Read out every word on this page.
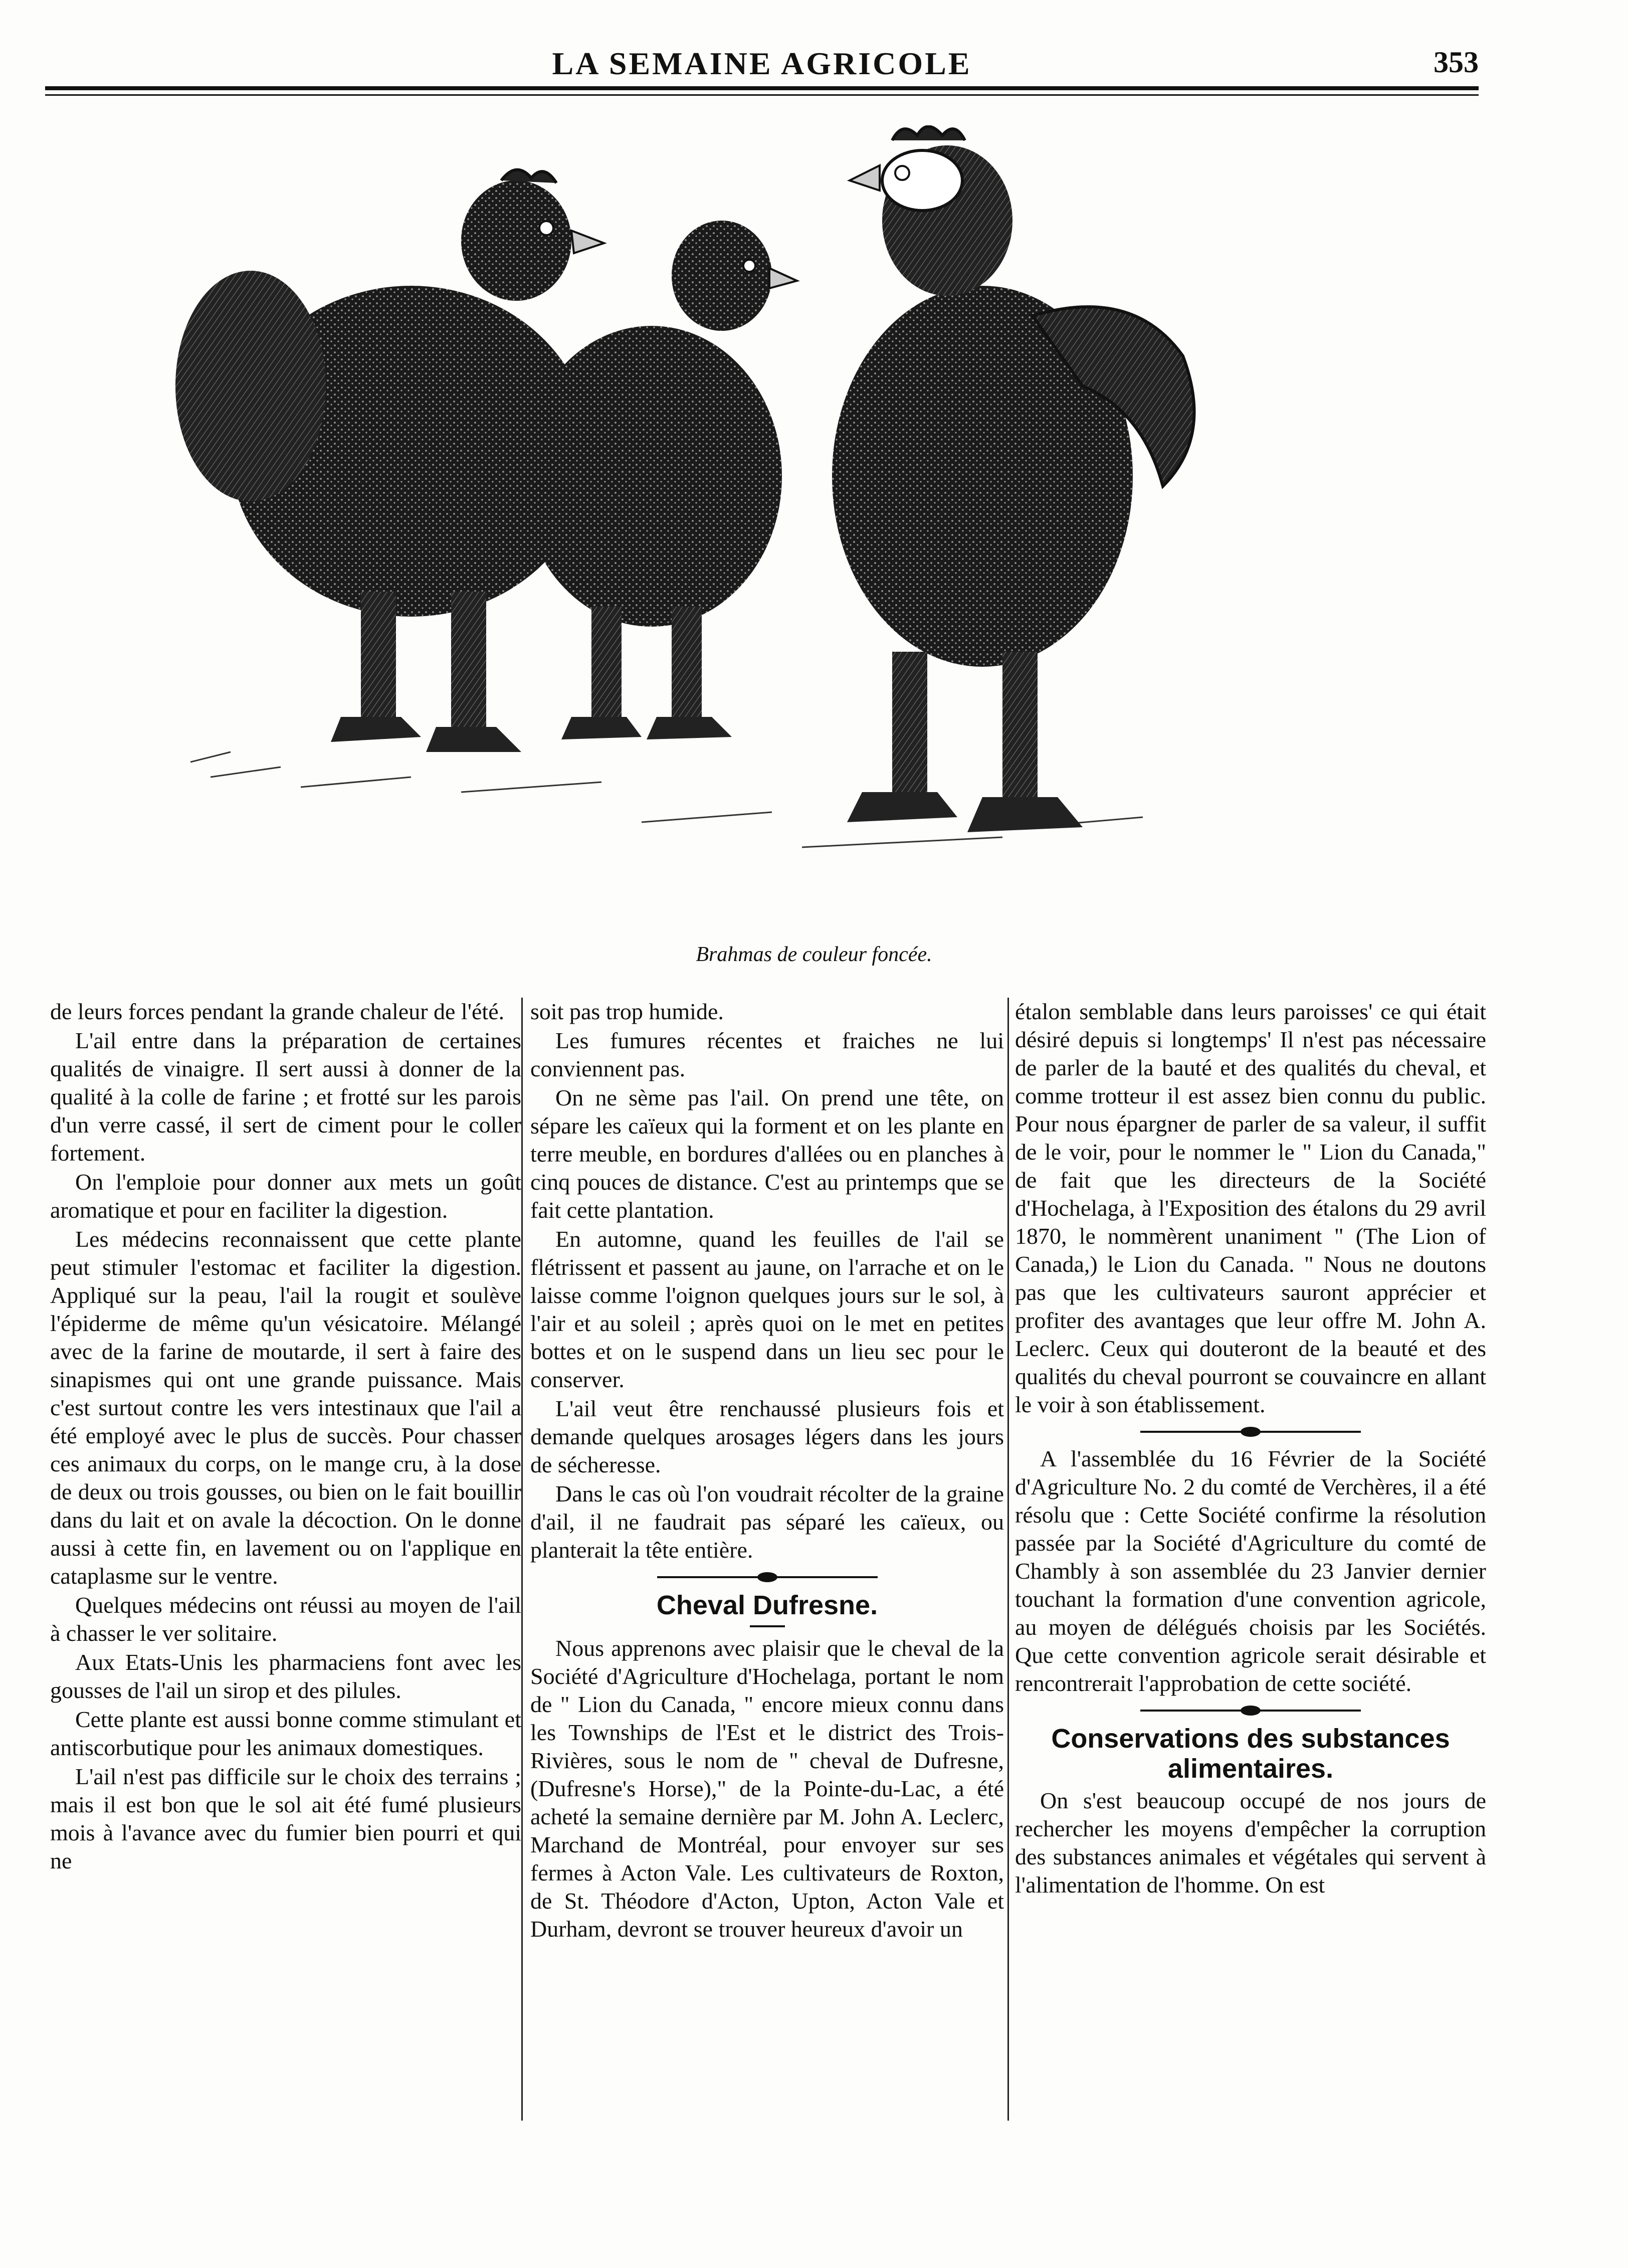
LA SEMAINE AGRICOLE	353
Brahmas de couleur foncée.

de leurs forces pendant la grande chaleur de l'été.

L'ail entre dans la préparation de certaines qualités de vinaigre. Il sert aussi à donner de la qualité à la colle de farine ; et frotté sur les parois d'un verre cassé, il sert de ciment pour le coller fortement.

On l'emploie pour donner aux mets un goût aromatique et pour en faciliter la digestion.

Les médecins reconnaissent que cette plante peut stimuler l'estomac et faciliter la digestion. Appliqué sur la peau, l'ail la rougit et soulève l'épiderme de même qu'un vésicatoire. Mélangé avec de la farine de moutarde, il sert à faire des sinapismes qui ont une grande puissance. Mais c'est surtout contre les vers intestinaux que l'ail a été employé avec le plus de succès. Pour chasser ces animaux du corps, on le mange cru, à la dose de deux ou trois gousses, ou bien on le fait bouillir dans du lait et on avale la décoction. On le donne aussi à cette fin, en lavement ou on l'applique en cataplasme sur le ventre.

Quelques médecins ont réussi au moyen de l'ail à chasser le ver solitaire.

Aux Etats-Unis les pharmaciens font avec les gousses de l'ail un sirop et des pilules.

Cette plante est aussi bonne comme stimulant et antiscorbutique pour les animaux domestiques.

L'ail n'est pas difficile sur le choix des terrains ; mais il est bon que le sol ait été fumé plusieurs mois à l'avance avec du fumier bien pourri et qui ne

soit pas trop humide.

Les fumures récentes et fraiches ne lui conviennent pas.

On ne sème pas l'ail. On prend une tête, on sépare les caïeux qui la forment et on les plante en terre meuble, en bordures d'allées ou en planches à cinq pouces de distance. C'est au printemps que se fait cette plantation.

En automne, quand les feuilles de l'ail se flétrissent et passent au jaune, on l'arrache et on le laisse comme l'oignon quelques jours sur le sol, à l'air et au soleil ; après quoi on le met en petites bottes et on le suspend dans un lieu sec pour le conserver.

L'ail veut être renchaussé plusieurs fois et demande quelques arosages légers dans les jours de sécheresse.

Dans le cas où l'on voudrait récolter de la graine d'ail, il ne faudrait pas séparé les caïeux, ou planterait la tête entière.

Cheval Dufresne.

Nous apprenons avec plaisir que le cheval de la Société d'Agriculture d'Hochelaga, portant le nom de " Lion du Canada, " encore mieux connu dans les Townships de l'Est et le district des Trois-Rivières, sous le nom de " cheval de Dufresne, (Dufresne's Horse)," de la Pointe-du-Lac, a été acheté la semaine dernière par M. John A. Leclerc, Marchand de Montréal, pour envoyer sur ses fermes à Acton Vale. Les cultivateurs de Roxton, de St. Théodore d'Acton, Upton, Acton Vale et Durham, devront se trouver heureux d'avoir un

étalon semblable dans leurs paroisses' ce qui était désiré depuis si longtemps' Il n'est pas nécessaire de parler de la bauté et des qualités du cheval, et comme trotteur il est assez bien connu du public. Pour nous épargner de parler de sa valeur, il suffit de le voir, pour le nommer le " Lion du Canada," de fait que les directeurs de la Société d'Hochelaga, à l'Exposition des étalons du 29 avril 1870, le nommèrent unaniment " (The Lion of Canada,) le Lion du Canada. " Nous ne doutons pas que les cultivateurs sauront apprécier et profiter des avantages que leur offre M. John A. Leclerc. Ceux qui douteront de la beauté et des qualités du cheval pourront se couvaincre en allant le voir à son établissement.

A l'assemblée du 16 Février de la Société d'Agriculture No. 2 du comté de Verchères, il a été résolu que : Cette Société confirme la résolution passée par la Société d'Agriculture du comté de Chambly à son assemblée du 23 Janvier dernier touchant la formation d'une convention agricole, au moyen de délégués choisis par les Sociétés. Que cette convention agricole serait désirable et rencontrerait l'approbation de cette société.

Conservations des substances alimentaires.

On s'est beaucoup occupé de nos jours de rechercher les moyens d'empêcher la corruption des substances animales et végétales qui servent à l'alimentation de l'homme. On est
